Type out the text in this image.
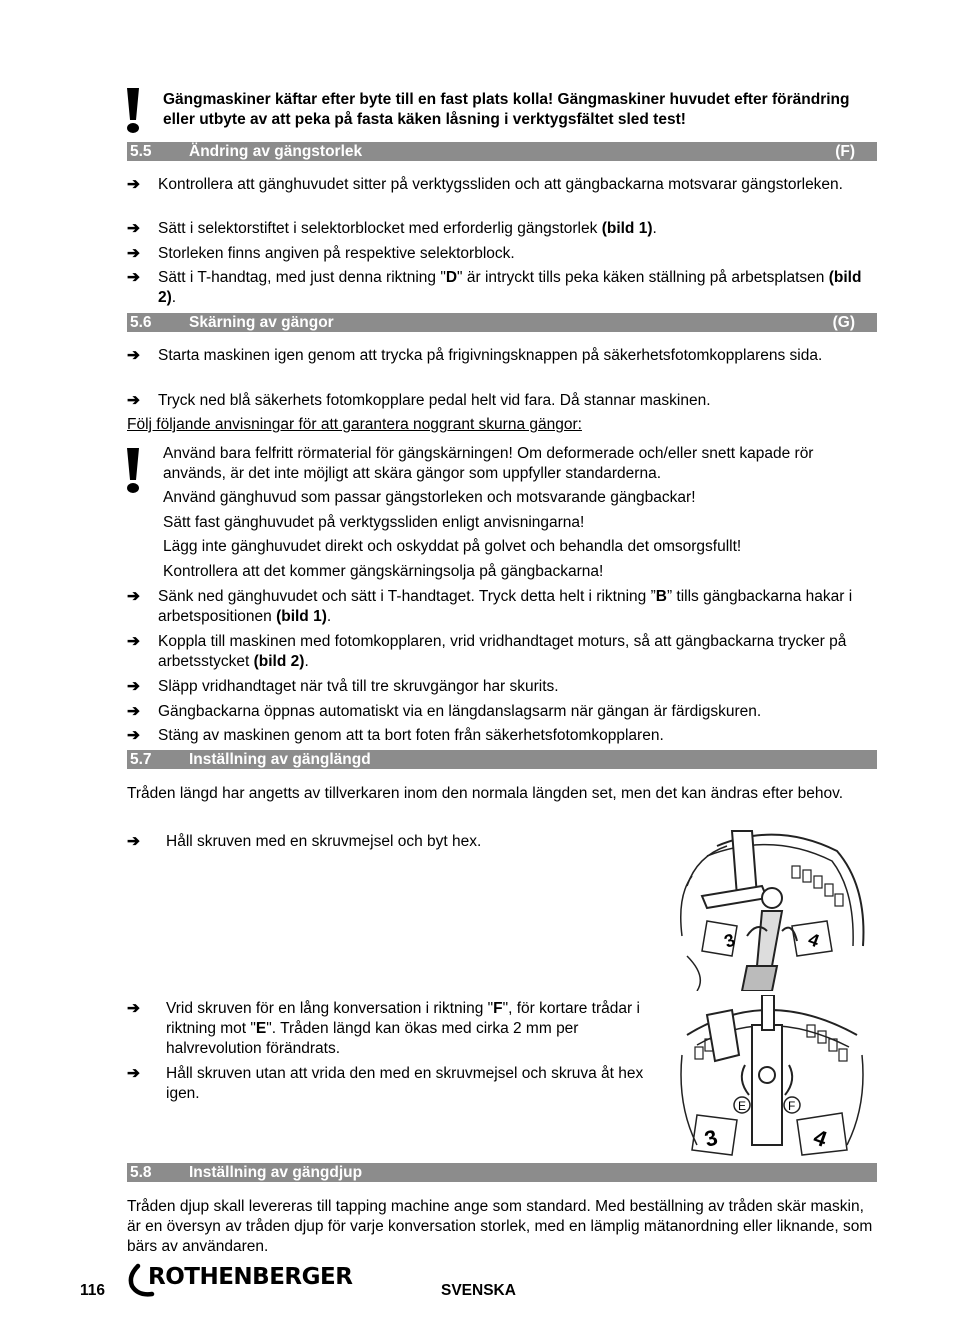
Gängmaskiner käftar efter byte till en fast plats kolla! Gängmaskiner huvudet efter förändring eller utbyte av att peka på fasta käken låsning i verktygsfältet sled test!
5.5 Ändring av gängstorlek	(F)
➔	Kontrollera att gänghuvudet sitter på verktygssliden och att gängbackarna motsvarar gängstorleken.
➔	Sätt i selektorstiftet i selektorblocket med erforderlig gängstorlek (bild 1).
➔	Storleken finns angiven på respektive selektorblock.
➔	Sätt i T-handtag, med just denna riktning "D" är intryckt tills peka käken ställning på arbetsplatsen (bild 2).
5.6 Skärning av gängor	(G)
➔	Starta maskinen igen genom att trycka på frigivningsknappen på säkerhetsfotomkopplarens sida.
➔	Tryck ned blå säkerhets fotomkopplare pedal helt vid fara. Då stannar maskinen.
Följ följande anvisningar för att garantera noggrant skurna gängor:
Använd bara felfritt rörmaterial för gängskärningen! Om deformerade och/eller snett kapade rör används, är det inte möjligt att skära gängor som uppfyller standarderna.
Använd gänghuvud som passar gängstorleken och motsvarande gängbackar!
Sätt fast gänghuvudet på verktygssliden enligt anvisningarna!
Lägg inte gänghuvudet direkt och oskyddat på golvet och behandla det omsorgsfullt!
Kontrollera att det kommer gängskärningsolja på gängbackarna!
➔	Sänk ned gänghuvudet och sätt i T-handtaget. Tryck detta helt i riktning ”B” tills gängbackarna hakar i arbetspositionen (bild 1).
➔	Koppla till maskinen med fotomkopplaren, vrid vridhandtaget moturs, så att gängbackarna trycker på arbetsstycket (bild 2).
➔	Släpp vridhandtaget när två till tre skruvgängor har skurits.
➔	Gängbackarna öppnas automatiskt via en längdanslagsarm när gängan är färdigskuren.
➔	Stäng av maskinen genom att ta bort foten från säkerhetsfotomkopplaren.
5.7 Inställning av gänglängd
Tråden längd har angetts av tillverkaren inom den normala längden set, men det kan ändras efter behov.
➔	Håll skruven med en skruvmejsel och byt hex.
➔	Vrid skruven för en lång konversation i riktning "F", för kortare trådar i riktning mot "E". Tråden längd kan ökas med cirka 2 mm per halvrevolution förändrats.
➔	Håll skruven utan att vrida den med en skruvmejsel och skruva åt hex igen.
3	4
E	F
3	4
5.8 Inställning av gängdjup
Tråden djup skall levereras till tapping machine ange som standard. Med beställning av tråden skär maskin, är en översyn av tråden djup för varje konversation storlek, med en lämplig mätanordning eller liknande, som bärs av användaren.
116
ROTHENBERGER
SVENSKA
